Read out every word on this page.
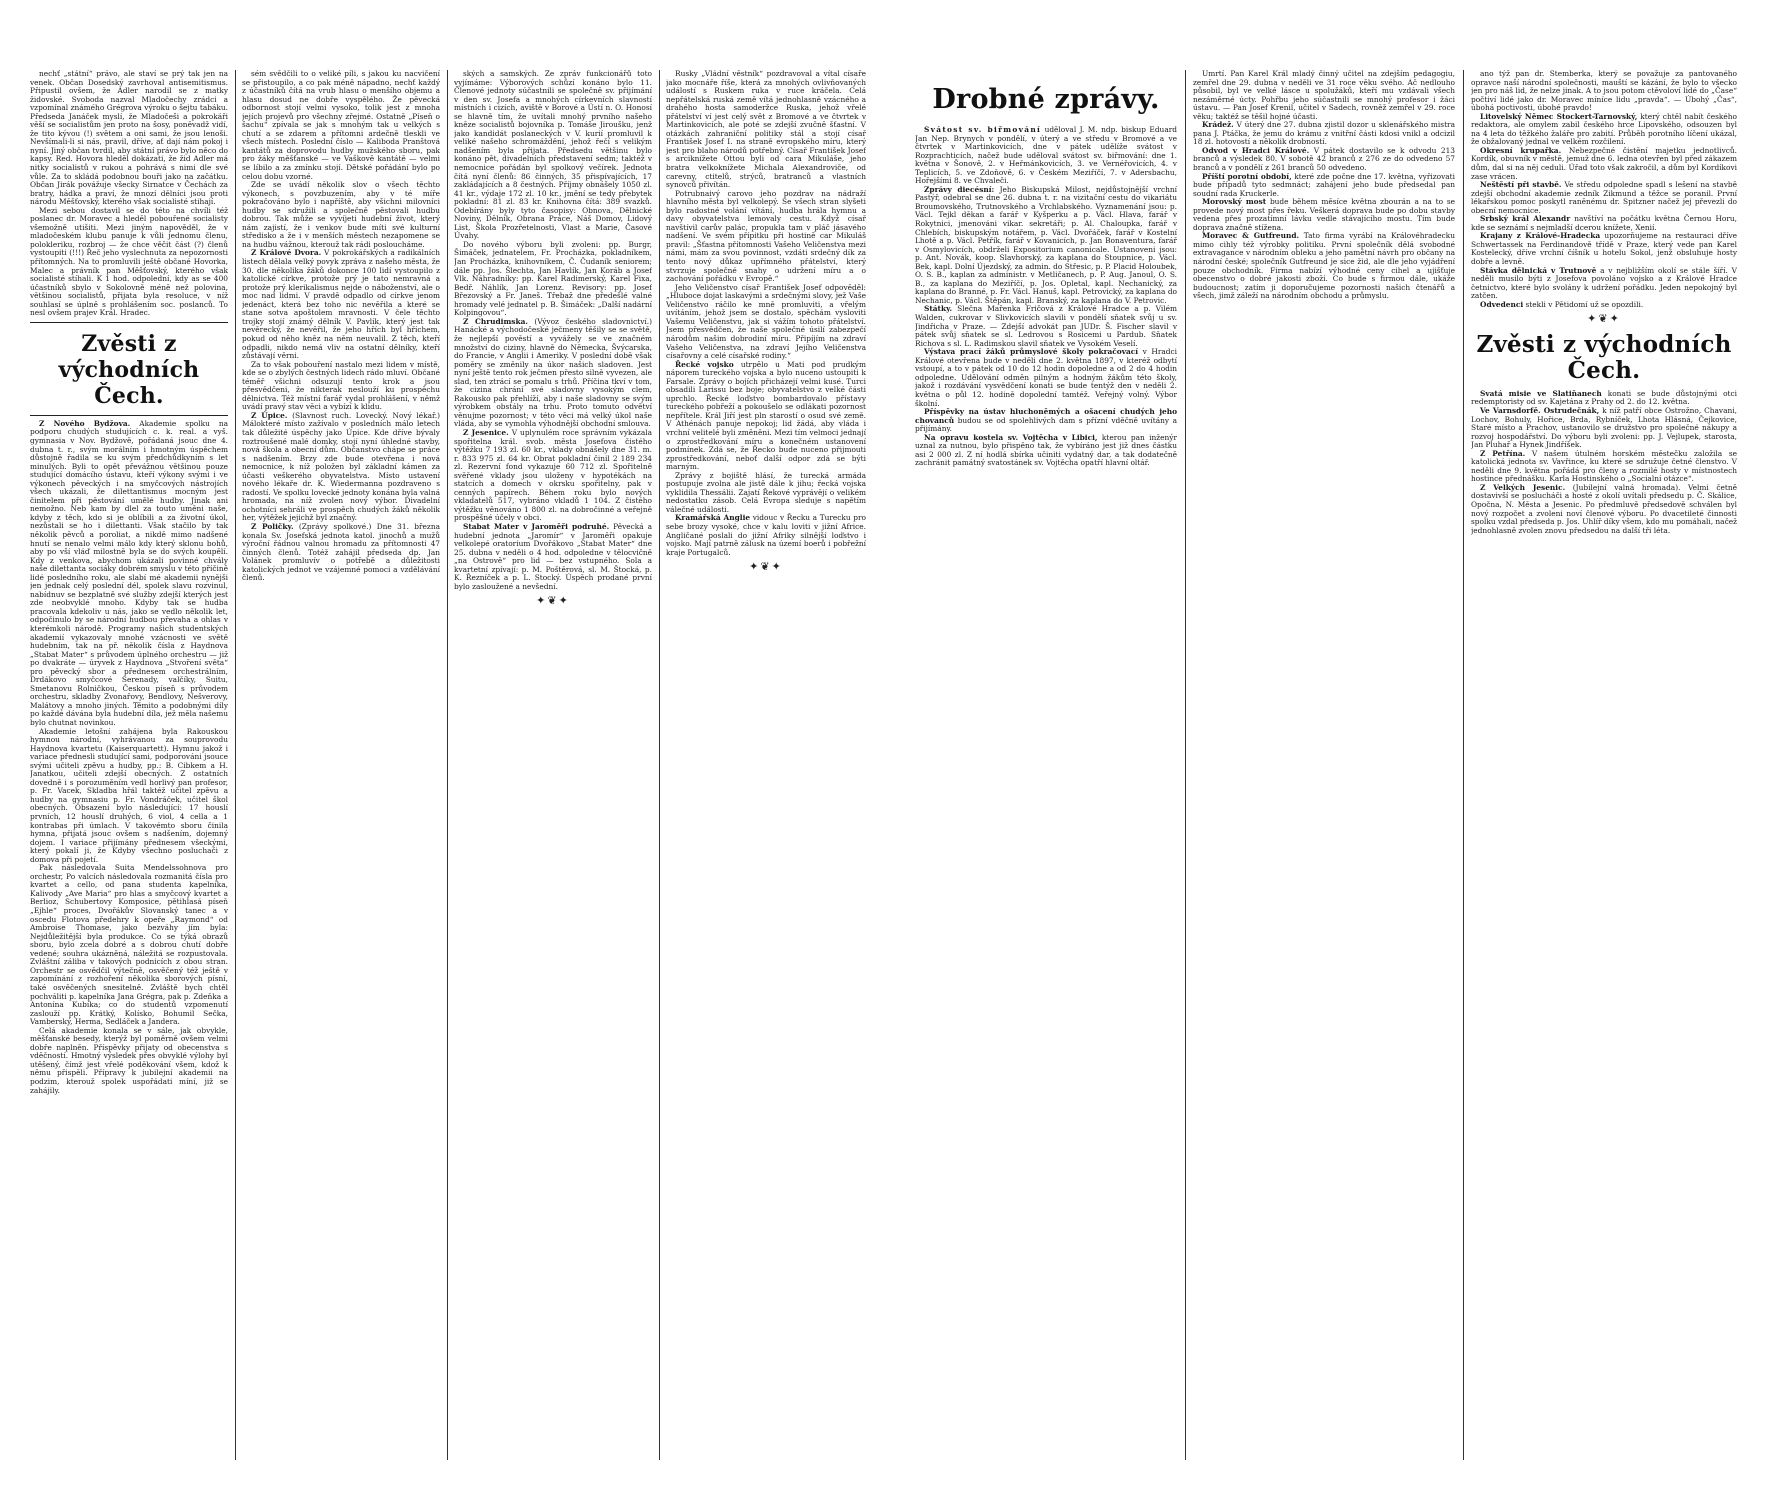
nechť „státní“ právo, ale staví se prý tak jen na venek. Občan Dosedský zavrhoval antisemitismus. Připustil ovšem, že Adler narodil se z matky židovské. Svoboda nazval Mladočechy zrádci a vzpomínal známého Grégrova výroku o šejtu tabáku. Předseda Janáček myslí, že Mladočeši a pokrokáři věší se socialistům jen proto na šosy, poněvadž vidí, že tito kývou (!) světem a oni sami, že jsou lenoši. Nevšímali-li si nás, pravil, dříve, ať dají nám pokoj i nyní. Jiný občan tvrdil, aby státní právo bylo něco do kapsy. Red. Hovora hleděl dokázati, že žid Adler má nitky socialistů v rukou a pohrává s nimi dle své vůle. Za to skládá podobnou bouři jako na začátku. Občan Jirák povážuje všecky Sirnatce v Čechách za bratry, hádka a praví, že mnozí dělníci jsou proti národu Měšťovský, kterého však socialisté stihají.

Mezi sebou dostavil se do této na chvíli též poslanec dr. Moravec a hleděl pobouřené socialisty všemožně utišiti. Mezi jiným napověděl, že v mladočeském klubu panuje k vůli jednomu členu, polokleriku, rozbroj — že chce věčit část (?) členů vystoupiti (!!!) Řeč jeho vyslechnuta za nepozornosti přítomných. Na to promluvili ještě občané Hovorka, Malec a právník pan Měšťovský, kterého však socialisté stíhali. K 1 hod. odpolední, kdy as se 400 účastníků sbylo v Sokolovně méně než polovina, většinou socialistů, přijata byla resoluce, v níž souhlasí se úplně s prohlášením soc. poslanců. To nesl ovšem prajev Král. Hradec.

Zvěsti z východních Čech.

Z Nového Bydžova. Akademie spolku na podporu chudých studujících c. k. real. a vyš. gymnasia v Nov. Bydžově, pořádaná jsouc dne 4. dubna t. r., svým morálním i hmotným úspěchem důstojně řadila se ku svým předchůdkyním s let minulých. Byli to opět převážnou většinou pouze studující domácího ústavu, kteří výkony svými i ve výkonech pěveckých i na smyčcových nástrojích všech ukázali, že dilettantismus mocným jest činitelem při pěstování umělé hudby. Jinak ani nemožno. Neb kam by dlel za touto uměni naše, kdyby z těch, kdo si je oblíbili a za životní úkol, nezůstali se ho i dilettanti. Však stačilo by tak několik pěvců a poroliat, a nikdě mimo nadšené hnutí se nenalo velmi málo kdy který sklonu bohů, aby po vší vláď milostně byla se do svých koupělí. Kdy z venkova, abychom ukázali povinné chvály naše dilettanta sociáky dobrém smyslu v této příčině lidé posledního roku, ale slabí mé akademii nynějši jen jednak celý poslední dél, spolek slavu rozvinul, nabídnuv se bezplatně své služby zdejší kterých jest zde neobvyklé mnoho. Kdyby tak se hudba pracovala kdekoliv u nás, jako se vedlo několik let, odpočinulo by se národní hudbou převaha a ohlas v kterémkoli národě. Programy našich studentských akademií vykazovaly mnohé vzácnosti ve světě hudebním, tak na př. několik čísla z Haydnova „Stabat Mater“ s průvodem úplného orchestru — již po dvakráte — úryvek z Haydnova „Stvoření světa“ pro pěvecký sbor a přednesem orchestrálním, Drdákovo smyčcové Serenady, valčíky, Suitu, Smetanovu Rolničkou, Českou píseň s průvodem orchestru, skladby Zvonařovy, Bendlovy, Nešverovy, Malátovy a mnoho jiných. Těmito a podobnými díly po každé dávána byla hudební díla, jež měla našemu bylo chutnat novinkou.

Akademie letošní zahájena byla Rakouskou hymnou národní, vyhrávanou za souprovodu Haydnova kvartetu (Kaiserquartett). Hymnu jakož i variace přednesli studující sami, podporováni jsouce svými učiteli zpěvu a hudby, pp.: B. Cibkem a H. Janatkou, učiteli zdejší obecných. Z ostatních dovedně i s porozuměním vedl horlivý pan profesor, p. Fr. Vacek, Skladba hřál taktéž učitel zpěvu a hudby na gymnasiu p. Fr. Vondráček, učitel škol obecných. Obsazení bylo následující: 17 houslí prvních, 12 houslí druhých, 6 viol, 4 cella a 1 kontrabas při úmlach. V takovémto sboru činila hymna, přijatá jsouc ovšem s nadšením, dojemný dojem. I variace přijímány přednesem všeckými, který pokalí ji, že Kdyby všechno posluchači z domova při pojetí.

Pak následovala Suita Mendelssohnova pro orchestr, Po valcích následovala rozmanitá čísla pro kvartet a cello, od pana studenta kapelníka, Kalivody „Ave Maria“ pro hlas a smyčcový kvartet a Berlioz, Schubertovy Komposice, pětihlasá píseň „Ejhle“ proces, Dvořákův Slovanský tanec a v oscedu Flotova předehry k opeře „Raymond“ od Ambroise Thomase, jako bezváhy jím byla: Nejdůležitější byla produkce. Co se týká obrazů sboru, bylo zcela dobré a s dobrou chutí dobře vedené; souhra ukázněná, náležitá se rozpustovala. Zvláštní záliba v takových podnicích z obou stran. Orchestr se osvědčil výtečně, osvěčený též ještě v zapomínání z rozhoření několika sborových písní, také osvěčených snesitelně. Zvláště bych chtěl pochváliti p. kapelníka Jana Grégra, pak p. Zdeňka a Antonína Kubíka; co do studentů vzpomenutí zaslouží pp. Krátký, Kolísko, Bohumil Sečka, Vamberský, Herma, Sedláček a Jandera.

Celá akademie konala se v sále, jak obvykle, měšťanské besedy, kterýž byl poměrně ovšem velmi dobře naplněn. Příspěvky přijaty od obecenstva s vděčností. Hmotný výsledek přes obvyklé výlohy byl utěšený, čímž jest vřelé poděkování všem, kdož k němu přispěli. Přípravy k jubilejní akademii na podzim, kterouž spolek uspořádati míní, již se zahájily.

sém svědčili to o veliké píli, s jakou ku nacvičení se přistoupilo, a co pak méně nápadno, nechť každý z účastníků čítá na vrub hlasu o menšího objemu a hlasu dosud ne dobře vyspělého. Že pěvecká odbornost stojí velmi vysoko, tolik jest z mnoha jejích projevů pro všechny zřejmé. Ostatně „Píseň o šachu“ zpívala se jak s mnohým tak u velkých s chutí a se zdarem a přítomni ardečně tleskli ve všech místech. Poslední číslo — Kaliboda Pranštová kantátů za doprovodu hudby mužského sboru, pak pro žáky měšťanské — ve Vaškově kantátě — velmi se líbilo a za zmínku stojí. Dětské pořádání bylo po celou dobu vzorné.

Zde se uvádí několik slov o všech těchto výkonech, s povzbuzením, aby v té míře pokračováno bylo i napříště, aby všichni milovníci hudby se sdružili a společně pěstovali hudbu dobrou. Tak může se vyvíjeti hudební život, který nám zajistí, že i venkov bude míti své kulturní středisko a že i v menších městech nezapomene se na hudbu vážnou, kterouž tak rádi posloucháme.

Z Králové Dvora. V pokrokářských a radikálních listech dělala velký povyk zpráva z našeho města, že 30. dle několika žáků dokonce 100 lidí vystoupilo z katolické církve, protože prý je tato nemravná a protože prý klerikalismus nejde o náboženství, ale o moc nad lidmi. V pravdě odpadlo od církve jenom jedenáct, která bez toho nic nevěřila a které se stane sotva apoštolem mravnosti. V čele těchto trojky stojí známý dělník V. Pavlík, který jest tak nevěrecký, že nevěřil, že jeho hřích byl hříchem, pokud od něho kněz na něm neuvalil. Z těch, kteří odpadli, nikdo nemá vliv na ostatní dělníky, kteří zůstávají věrni.

Za to však pobouření nastalo mezi lidem v místě, kde se o zbylých čestných lidech rádo mluví. Občané téměř všichni odsuzují tento krok a jsou přesvědčeni, že nikterak neslouží ku prospěchu dělnictva. Též místní farář vydal prohlášení, v němž uvádí pravý stav věci a vybízí k klidu.

Z Úpice. (Slavnost ruch. Lovecký. Nový lékař.) Málokteré místo zažívalo v posledních málo letech tak důležité úspěchy jako Úpice. Kde dříve bývaly roztroušené malé domky, stojí nyní úhledné stavby, nová škola a obecní dům. Občanstvo chápe se práce s nadšením. Brzy zde bude otevřena i nová nemocnice, k níž položen byl základní kámen za účasti veškerého obyvatelstva. Místo ustavení nového lékaře dr. K. Wiedermanna pozdraveno s radostí. Ve spolku lovecké jednoty konána byla valná hromada, na níž zvolen nový výbor. Divadelní ochotníci sehráli ve prospěch chudých žáků několik her, výtěžek jejichž byl značný.

Z Poličky. (Zprávy spolkové.) Dne 31. března konala Sv. Josefská jednota katol. jinochů a mužů výroční řádnou valnou hromadu za přítomnosti 47 činných členů. Totéž zahájil předseda dp. Jan Volánek promluvív o potřebě a důležitosti katolických jednot ve vzájemné pomoci a vzdělávání členů.

ských a samských. Ze zpráv funkcionářů toto vyjímáme: Výborových schůzí konáno bylo 11. Členové jednoty súčastnili se společně sv. přijímání v den sv. Josefa a mnohých církevních slavností místních i cizích, aviště v Borové a Ústí n. O. Honosí se hlavně tím, že uvítali mnohý prvního našeho kněze socialistů bojovníka p. Tomáše Jiroušku, jenž jako kandidát poslaneckých v V. kurií promluvil k veliké našeho schromáždění, jehož řečí s velikým nadšením byla přijata. Předsedu většinu bylo konáno pět, divadelních představení sedm; taktéž v nemocnice pořádán byl spolkový večírek. Jednota čítá nyní členů: 86 činných, 35 přispívajících, 17 zakládajících a 8 čestných. Příjmy obnášely 1050 zl. 41 kr., výdaje 172 zl. 10 kr., jmění se tedy přebytek pokladní: 81 zl. 83 kr. Knihovna čítá: 389 svazků. Odebírány byly tyto časopisy: Obnova, Dělnické Noviny, Dělník, Obrana Práce, Náš Domov, Lidový List, Škola Prozřetelnosti, Vlast a Marie, Časové Úvahy.

Do nového výboru byli zvoleni: pp. Burgr, Šimáček, jednatelem, Fr. Procházka, pokladníkem, Jan Procházka, knihovníkem, Č. Čudaník seniorem; dále pp. Jos. Šlechta, Jan Havlík, Jan Koráb a Josef Vlk. Náhradníky: pp. Karel Radimerský, Karel Fixa, Bedř. Náhlík, Jan Lorenz. Revisory: pp. Josef Březovský a Fr. Janeš. Třebaž dne předešlé valné hromady velé jednatel p. B. Šimáček: „Další nadární Kolpingovou“.

Z Chrudimska. (Vývoz českého sladovnictví.) Hanácké a východočeské ječmeny těšily se se světě, že nejlepší pověstí a vyvážely se ve značném množství do ciziny, hlavně do Německa, Švýcarska, do Francie, v Anglii i Ameriky. V poslední době však poměry se změnily na úkor našich sladoven. Jest nyní ještě tento rok ječmen přesto silně vyvezen, ale slad, ten ztrácí se pomalu s trhů. Příčina tkví v tom, že cizina chrání své sladovny vysokým clem, Rakousko pak přehlíží, aby i naše sladovny se svým výrobkem obstály na trhu. Proto tomuto odvětví věnujme pozornost; v této věci má velký úkol naše vláda, aby se vymohla výhodnější obchodní smlouva.

Z Jesenice. V uplynulém roce správním vykázala spořitelna král. svob. města Josefova čistého výtěžku 7 193 zl. 60 kr., vklady obnášely dne 31. m. r. 833 975 zl. 64 kr. Obrat pokladní činil 2 189 234 zl. Rezervní fond vykazuje 60 712 zl. Spořitelně svěřené vklady jsou uloženy v hypotékách na statcích a domech v okrsku spořitelny, pak v cenných papírech. Během roku bylo nových vkladatelů 517, vybráno vkladů 1 104. Z čistého výtěžku věnováno 1 800 zl. na dobročinné a veřejně prospěšné účely v obci.

Stabat Mater v Jaroměři podruhé. Pěvecká a hudební jednota „Jaromír“ v Jaroměři opakuje velkolepé oratorium Dvořákovo „Stabat Mater“ dne 25. dubna v neděli o 4 hod. odpoledne v tělocvičně „na Ostrově“ pro lid — bez vstupného. Sola a kvartetní zpívají: p. M. Poštěrová, sl. M. Štocká, p. K. Řezníček a p. L. Stocký. Úspěch prodané první bylo zasloužené a nevšední.

✦❦✦

Rusky „Vládní věstník“ pozdravoval a vítal císaře jako mocnáře říše, která za mnohých ovlivňovaných událostí s Ruskem ruka v ruce kráčela. Celá nepřátelská ruská země vítá jednohlasně vzácného a drahého hosta samoderžce Ruska, jehož vřelé přátelství ví jest celý svět z Bromové a ve čtvrtek v Martinkovicích, ale poté se zdejší zvučně šťastní. V otázkách zahraniční politiky stál a stojí císař František Josef I. na straně evropského míru, který jest pro blaho národů potřebný. Císař František Josef s arciknížete Ottou byli od cara Mikuláše, jeho bratra velkoknížete Michala Alexandroviče, od carevny, ctitelů, strýců, bratranců a vlastních synovců přivítán.

Potrubnaivý carovo jeho pozdrav na nádraží hlavního města byl velkolepý. Se všech stran slyšeti bylo radostné volání vítání, hudba hrála hymnu a davy obyvatelstva lemovaly cestu. Když císař navštívil carův palác, propukla tam v pláč jásavého nadšení. Ve svém přípitku při hostině car Mikuláš pravil: „Šťastna přítomnosti Vašeho Veličenstva mezi námi, mám za svou povinnost, vzdáti srdečný dík za tento nový důkaz upřímného přátelství, který stvrzuje společné snahy o udržení míru a o zachování pořádku v Evropě.“

Jeho Veličenstvo císař František Josef odpověděl: „Hluboce dojat laskavými a srdečnými slovy, jež Vaše Veličenstvo ráčilo ke mně promluviti, a vřelým uvítáním, jehož jsem se dostalo, spěchám vysloviti Vašemu Veličenstvu, jak si vážím tohoto přátelství. Jsem přesvědčen, že naše společné úsilí zabezpečí národům našim dobrodiní míru. Připíjím na zdraví Vašeho Veličenstva, na zdraví Jejího Veličenstva císařovny a celé císařské rodiny.“

Řecké vojsko utrpělo u Mati pod prudkým náporem tureckého vojska a bylo nuceno ustoupiti k Farsale. Zprávy o bojích přicházejí velmi kusé. Turci obsadili Larissu bez boje; obyvatelstvo z velké části uprchlo. Řecké loďstvo bombardovalo přístavy tureckého pobřeží a pokoušelo se odlákati pozornost nepřítele. Král Jiří jest pln starostí o osud své země. V Athénách panuje nepokoj; lid žádá, aby vláda i vrchní velitelé byli změněni. Mezi tím velmoci jednají o zprostředkování míru a konečném ustanovení podmínek. Zdá se, že Řecko bude nuceno přijmouti zprostředkování, neboť další odpor zdá se býti marným.

Zprávy z bojiště hlásí, že turecká armáda postupuje zvolna ale jistě dále k jihu; řecká vojska vyklidila Thessálii. Zajatí Řekové vyprávějí o velikém nedostatku zásob. Celá Evropa sleduje s napětím válečné události.

Kramářská Anglie vidouc v Řecku a Turecku pro sebe brozy vysoké, chce v kalu loviti v jižní Africe. Angličané poslali do jižní Afriky silnější loďstvo i vojsko. Mají patrně zálusk na území boerů i pobřežní kraje Portugalců.

✦❦✦
Drobné zprávy.

Svátost sv. biřmování uděloval J. M. ndp. biskup Eduard Jan Nep. Brynych v pondělí, v úterý a ve středu v Bromové a ve čtvrtek v Martinkovicích, dne v pátek udělíže svátost v Rozprachticích, načež bude uděloval svátost sv. biřmování: dne 1. května v Šonově, 2. v Heřmánkovicích, 3. ve Vernéřovicích, 4. v Teplicích, 5. ve Zdoňově, 6. v Českém Meziříčí, 7. v Adersbachu, Hořejšími 8. ve Chvaleči.

Zprávy diecésní: Jeho Biskupská Milost, nejdůstojnější vrchní Pastýř, odebral se dne 26. dubna t. r. na vizitační cestu do vikariátu Broumovského, Trutnovského a Vrchlabského. Vyznamenání jsou: p. Václ. Tejkl děkan a farář v Kyšperku a p. Václ. Hlava, farář v Rokytnici, jmenováni vikar. sekretáři; p. Al. Chaloupka, farář v Chlebích, biskupským notářem, p. Václ. Dvořáček, farář v Kostelní Lhotě a p. Václ. Petřík, farář v Kovanicích, p. Jan Bonaventura, farář v Osmylovicích, obdrželi Expositorium canonicale. Ustanoveni jsou: p. Ant. Novák, koop. Slavhorský, za kaplana do Stoupnice, p. Václ. Bek, kapl. Dolní Újezdský, za admin. do Střesic, p. P. Placid Holoubek, O. S. B., kaplan za administr. v Metličanech, p. P. Aug. Janoul, O. S. B., za kaplana do Meziříčí, p. Jos. Opletal, kapl. Nechanický, za kaplana do Branné, p. Fr. Václ. Hanuš, kapl. Petrovický, za kaplana do Nechanic, p. Václ. Štěpán, kapl. Branský, za kaplana do V. Petrovic.

Státky. Slečna Mařenka Fričová z Králové Hradce a p. Vilém Walden, cukrovar v Slivkovicích slavili v pondělí sňatek svůj u sv. Jindřicha v Praze. — Zdejší advokát pan JUDr. Š. Fischer slavil v pátek svůj sňatek se sl. Ledrovou s Rosicemi u Pardub. Sňatek Richova s sl. L. Radimskou slavil sňatek ve Vysokém Veselí.

Výstava prací žáků průmyslové školy pokračovací v Hradci Králové otevřena bude v neděli dne 2. května 1897, v kteréž odbytí vstoupí, a to v pátek od 10 do 12 hodin dopoledne a od 2 do 4 hodin odpoledne. Udělování odměn pilným a hodným žákům této školy, jakož i rozdávání vysvědčení konati se bude tentýž den v neděli 2. května o půl 12. hodině dopolední tamtéž. Veřejný volný. Výbor školní.

Příspěvky na ústav hluchoněmých a ošacení chudých jeho chovanců budou se od spolehlivých dam s přízní vděčně uvítány a přijímány.

Na opravu kostela sv. Vojtěcha v Libici, kterou pan inženýr uznal za nutnou, bylo přispěno tak, že vybíráno jest již dnes částku asi 2 000 zl. Z ní hodlá sbírka učiniti vydatný dar, a tak dodatečně zachránit památný svatostánek sv. Vojtěcha opatří hlavní oltář.

Úmrtí. Pan Karel Král mladý činný učitel na zdejším pedagogiu, zemřel dne 29. dubna v neděli ve 31 roce věku svého. Ač nedlouho působil, byl ve velké lásce u spolužáků, kteří mu vzdávali všech nezáměrné úcty. Pohřbu jeho súčastnili se mnohý profesor i žáci ústavu. — Pan Josef Krenil, učitel v Sadech, rovněž zemřel v 29. roce věku; taktéž se těšil hojné účasti.

Krádež. V úterý dne 27. dubna zjistil dozor u sklenářského mistra pana J. Ptáčka, že jemu do krámu z vnitřní části kdosi vnikl a odcizil 18 zl. hotovostí a několik drobností.

Odvod v Hradci Králové. V pátek dostavilo se k odvodu 213 branců a výsledek 80. V sobotě 42 branců z 276 ze do odvedeno 57 branců a v pondělí z 261 branců 50 odvedeno.

Příští porotní období, které zde počne dne 17. května, vyřizovati bude případů tyto sedmnáct; zahájení jeho bude předsedal pan soudní rada Kruckerle.

Morovský most bude během měsíce května zbourán a na to se provede nový most přes řeku. Veškerá doprava bude po dobu stavby vedena přes prozatímní lávku vedle stávajícího mostu. Tím bude doprava značně stížena.

Moravec & Gutfreund. Tato firma vyrábí na Královéhradecku mimo cihly též výrobky politiku. První společník dělá svobodné extravagance v národním obleku a jeho pamětní návrh pro občany na národní české; společník Gutfreund je sice žid, ale dle jeho vyjádření pouze obchodník. Firma nabízí výhodné ceny cihel a ujišťuje obecenstvo o dobré jakosti zboží. Co bude s firmou dále, ukáže budoucnost; zatím ji doporučujeme pozornosti našich čtenářů a všech, jimž záleží na národním obchodu a průmyslu.

ano týž pan dr. Štemberka, který se považuje za pantovaného opravce naší národní společnosti, mauští se kázání, že bylo to všecko jen pro náš lid, že nelze jinak. A to jsou potom ctěvoloví lidé do „Čase“ počtiví lidé jako dr. Moravec míníce lidu „pravda“. — Úbohý „Čas“, úbohá poctivosti, úbohé pravdo!

Litovelský Němec Stockert-Tarnovský, který chtěl nabít českého redaktora, ale omylem zabil českého hrce Lipovského, odsouzen byl na 4 leta do těžkého žaláře pro zabití. Průběh porotního líčení ukázal, že obžalovaný jednal ve velkém rozčilení.

Okresní krupařka. Nebezpečné čistění majetku jednotlivců. Kordík, obuvník v městě, jemuž dne 6. ledna otevřen byl před zákazem dům, dal si na něj ceduli. Úřad toto však zakročil, a dům byl Kordíkovi zase vrácen.

Neštěstí při stavbě. Ve středu odpoledne spadl s lešení na stavbě zdejší obchodní akademie zedník Zikmund a těžce se poranil. První lékařskou pomoc poskytl raněnému dr. Spitzner načež jej převezli do obecní nemocnice.

Srbský král Alexandr navštíví na počátku května Černou Horu, kde se seznámí s nejmladší dcerou knížete, Xenií.

Krajany z Králové-Hradecka upozorňujeme na restauraci dříve Schwertassek na Ferdinandově třídě v Praze, který vede pan Karel Kostelecký, dříve vrchní číšník u hotelu Sokol, jenž obsluhuje hosty dobře a levně.

Stávka dělnická v Trutnově a v nejbližším okolí se stále šíří. V neděli musilo býti z Josefova povoláno vojsko a z Králové Hradce četnictvo, které bylo svolány k udržení pořádku. Jeden nepokojný byl zatčen.

Odvedenci stekli v Pětidomí už se opozdili.

✦❦✦
Zvěsti z východních Čech.

Svatá misie ve Slatiňanech konati se bude důstojnými otci redemptoristy od sv. Kajetána z Prahy od 2. do 12. května.

Ve Varnsdorfě. Ostrudečnák, k níž patří obce Ostrožno, Chavani, Lochov, Bohuly, Hořice, Brda, Rybníček, Lhota Hlásná, Čejkovice, Staré místo a Prachov, ustanovilo se družstvo pro společné nákupy a rozvoj hospodářství. Do výboru byli zvoleni: pp. J. Vejlupek, starosta, Jan Pluhař a Hynek Jindříšek.

Z Petřína. V našem útulném horském městečku založila se katolická jednota sv. Vavřince, ku které se sdružuje četné členstvo. V neděli dne 9. května pořádá pro členy a rozmilé hosty v místnostech hostince přednášku. Karla Hostinského o „Socialní otázce“.

Z Velkých Jesenic. (Jubilejní valná hromada). Velmi četně dostavivší se poslucháči a hosté z okolí uvítali předsedu p. Č. Skálice, Opočna, N. Města a Jesenic. Po předmluvě předsedově schválen byl nový rozpočet a zvoleni noví členové výboru. Po dvacetileté činnosti spolku vzdal předseda p. Jos. Uhlíř díky všem, kdo mu pomáhali, načež jednohlasně zvolen znovu předsedou na další tři léta.
